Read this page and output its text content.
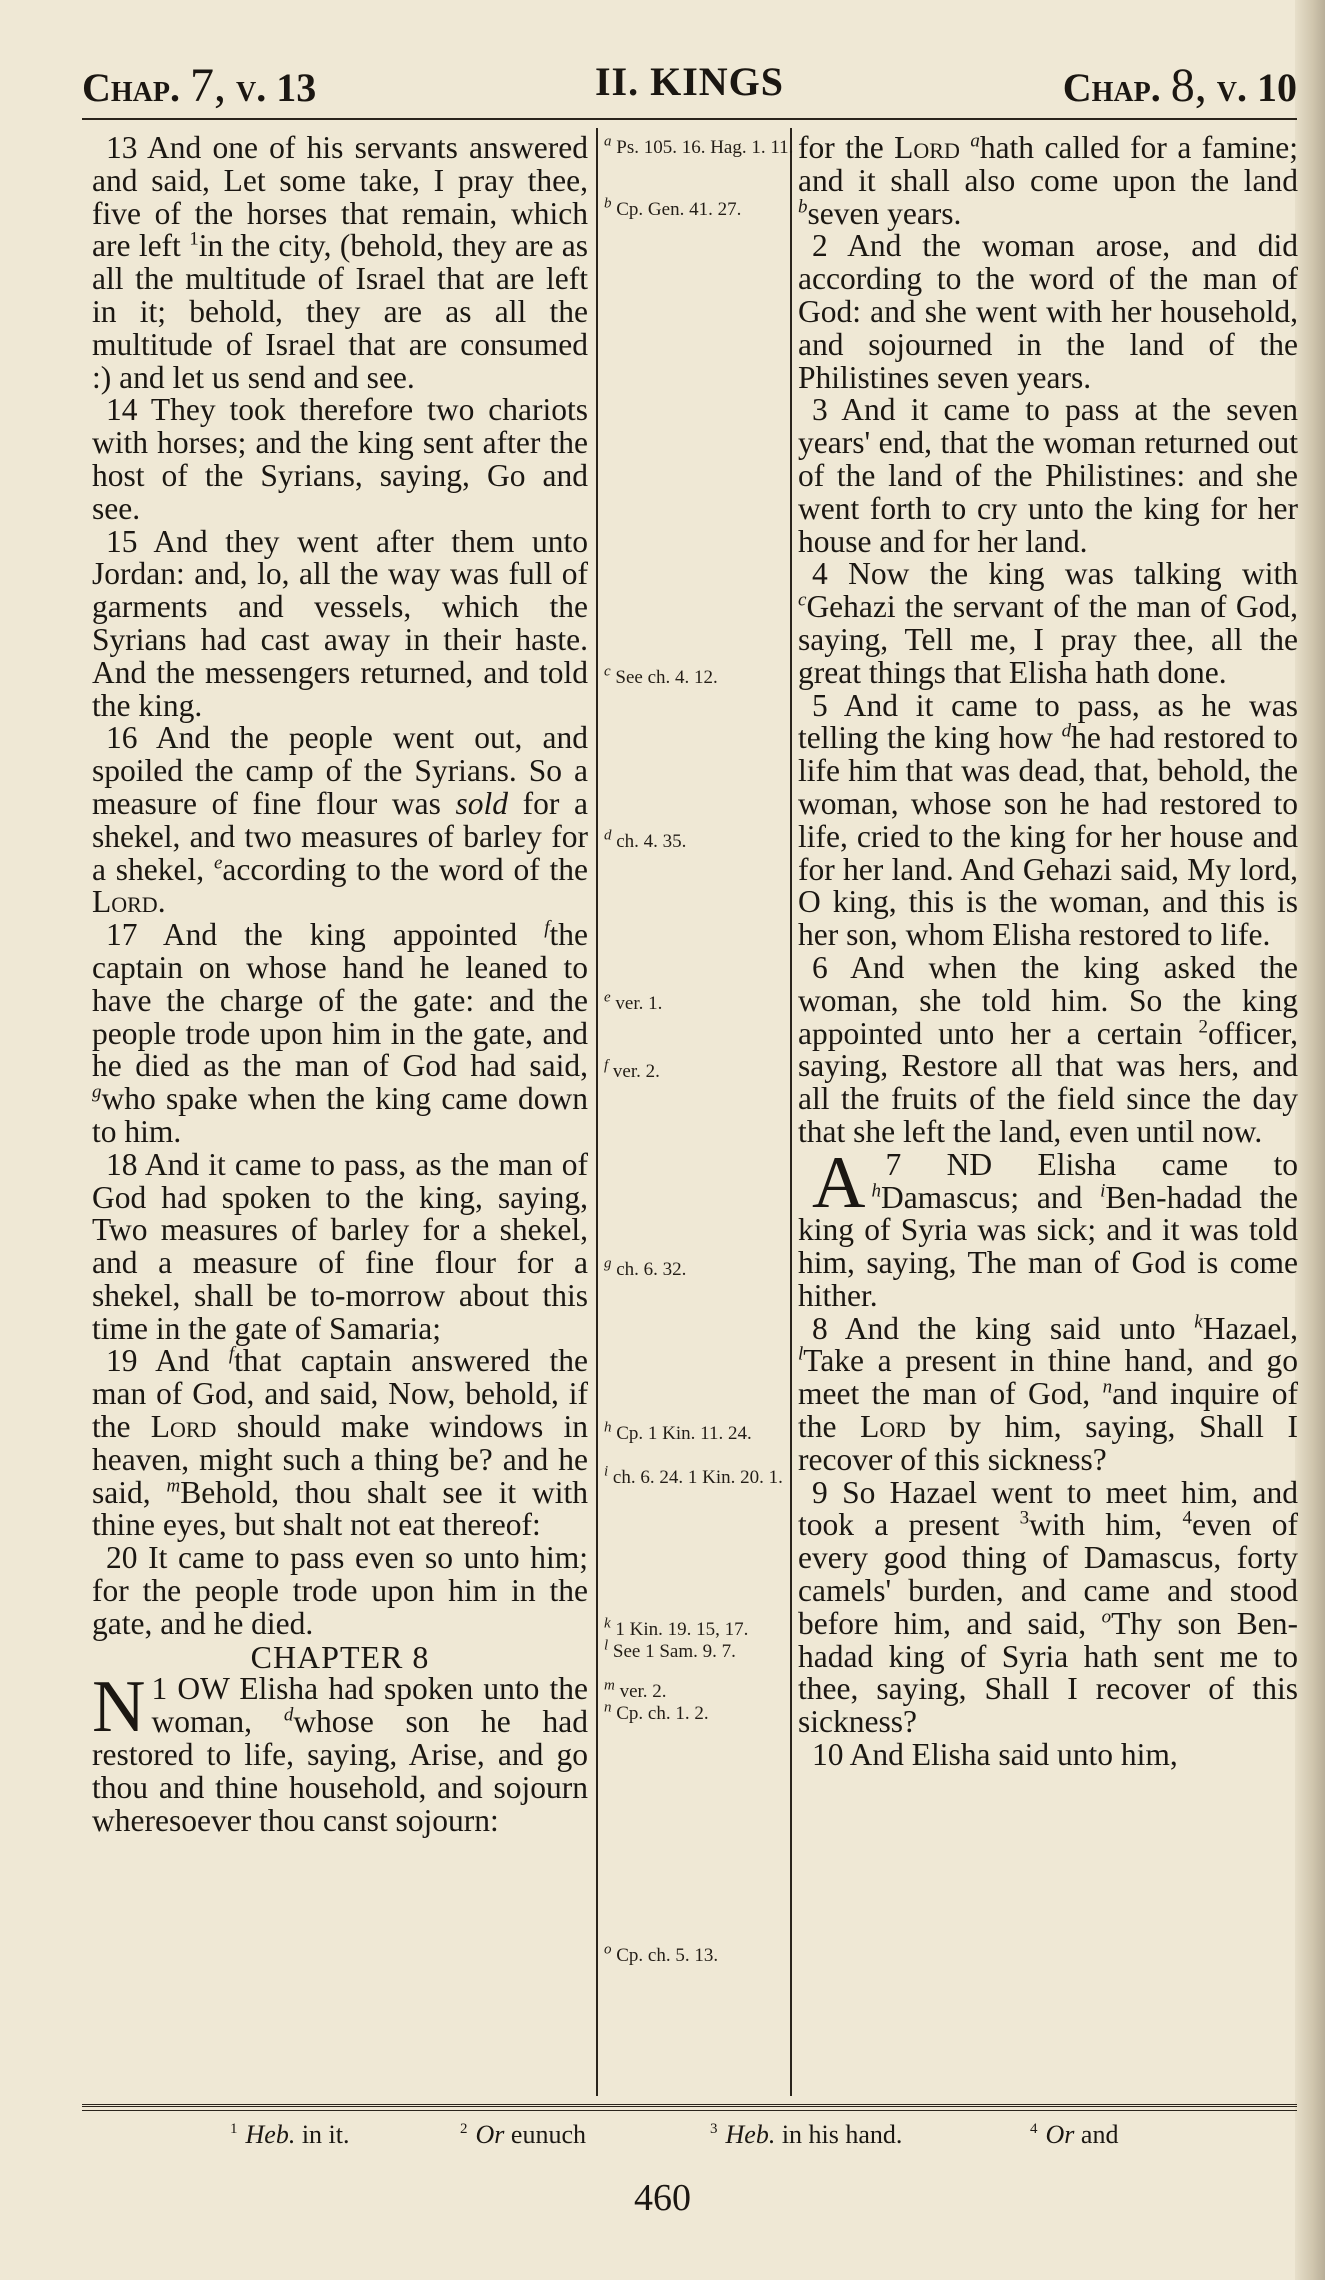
Chap. 7, v. 13	II. KINGS	Chap. 8, v. 10

13 And one of his servants answered and said, Let some take, I pray thee, five of the horses that remain, which are left $^1$in the city, (behold, they are as all the multitude of Israel that are left in it; behold, they are as all the multitude of Israel that are consumed :) and let us send and see.

14 They took therefore two chariots with horses; and the king sent after the host of the Syrians, saying, Go and see.

15 And they went after them unto Jordan: and, lo, all the way was full of garments and vessels, which the Syrians had cast away in their haste. And the messengers returned, and told the king.

16 And the people went out, and spoiled the camp of the Syrians. So a measure of fine flour was sold for a shekel, and two measures of barley for a shekel, $^e$according to the word of the Lord.

17 And the king appointed $^f$the captain on whose hand he leaned to have the charge of the gate: and the people trode upon him in the gate, and he died as the man of God had said, $^g$who spake when the king came down to him.

18 And it came to pass, as the man of God had spoken to the king, saying, Two measures of barley for a shekel, and a measure of fine flour for a shekel, shall be to-morrow about this time in the gate of Samaria;

19 And $^f$that captain answered the man of God, and said, Now, behold, if the Lord should make windows in heaven, might such a thing be? and he said, $^m$Behold, thou shalt see it with thine eyes, but shalt not eat thereof:

20 It came to pass even so unto him; for the people trode upon him in the gate, and he died.

CHAPTER 8

1
N OW Elisha had spoken unto the woman, $^d$whose son he had restored to life, saying, Arise, and go thou and thine household, and sojourn wheresoever thou canst sojourn:

$^a$ Ps. 105. 16. Hag. 1. 11.
$^b$ Cp. Gen. 41. 27.
$^c$ See ch. 4. 12.
$^d$ ch. 4. 35.
$^e$ ver. 1.
$^f$ ver. 2.
$^g$ ch. 6. 32.
$^h$ Cp. 1 Kin. 11. 24.
$^i$ ch. 6. 24. 1 Kin. 20. 1.
$^k$ 1 Kin. 19. 15, 17.
$^l$ See 1 Sam. 9. 7.
$^m$ ver. 2.
$^n$ Cp. ch. 1. 2.
$^o$ Cp. ch. 5. 13.

for the Lord $^a$hath called for a famine; and it shall also come upon the land $^b$seven years.

2 And the woman arose, and did according to the word of the man of God: and she went with her household, and sojourned in the land of the Philistines seven years.

3 And it came to pass at the seven years' end, that the woman returned out of the land of the Philistines: and she went forth to cry unto the king for her house and for her land.

4 Now the king was talking with $^c$Gehazi the servant of the man of God, saying, Tell me, I pray thee, all the great things that Elisha hath done.

5 And it came to pass, as he was telling the king how $^d$he had restored to life him that was dead, that, behold, the woman, whose son he had restored to life, cried to the king for her house and for her land. And Gehazi said, My lord, O king, this is the woman, and this is her son, whom Elisha restored to life.

6 And when the king asked the woman, she told him. So the king appointed unto her a certain $^2$officer, saying, Restore all that was hers, and all the fruits of the field since the day that she left the land, even until now.

7
A	ND Elisha came to $^h$Damascus; and $^i$Ben-hadad the king of Syria was sick; and it was told him, saying, The man of God is come hither.

8 And the king said unto $^k$Hazael, $^l$Take a present in thine hand, and go meet the man of God, $^n$and inquire of the Lord by him, saying, Shall I recover of this sickness?

9 So Hazael went to meet him, and took a present $^3$with him, $^4$even of every good thing of Damascus, forty camels' burden, and came and stood before him, and said, $^o$Thy son Ben-hadad king of Syria hath sent me to thee, saying, Shall I recover of this sickness?

10 And Elisha said unto him,

$^1$ Heb. in it.	$^2$ Or eunuch	$^3$ Heb. in his hand.	$^4$ Or and
460
